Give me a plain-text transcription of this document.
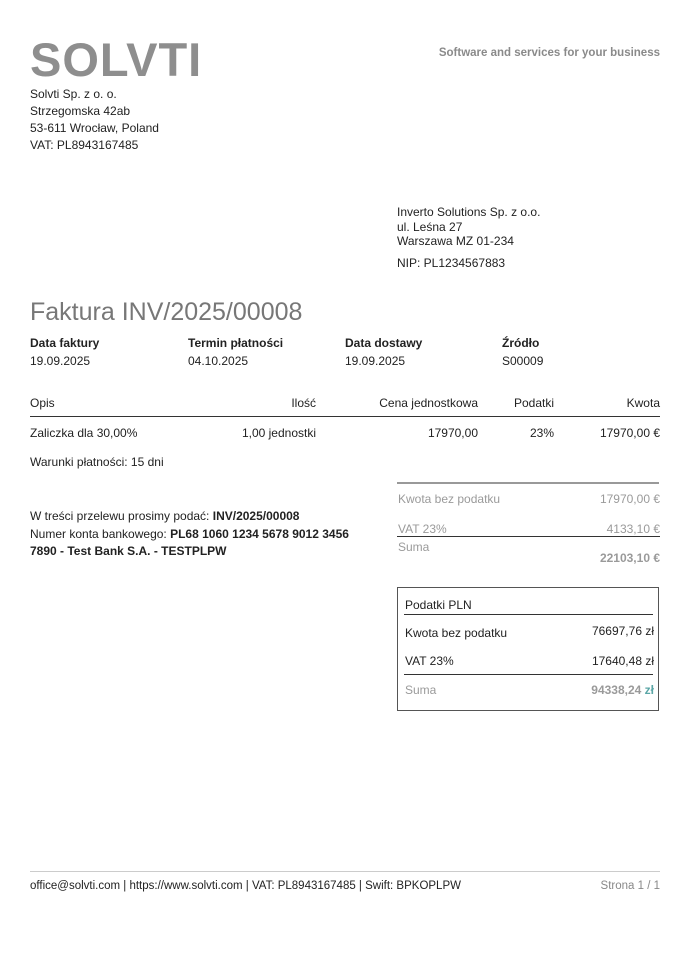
SOLVTI	Software and services for your business
Solvti Sp. z o. o.
Strzegomska 42ab
53-611 Wrocław, Poland
VAT: PL8943167485
Inverto Solutions Sp. z o.o.
ul. Leśna 27
Warszawa MZ 01-234
NIP: PL1234567883
Faktura INV/2025/00008
Data faktury
19.09.2025
Termin płatności
04.10.2025
Data dostawy
19.09.2025
Źródło
S00009
Opis	Ilość	Cena jednostkowa	Podatki	Kwota
Zaliczka dla 30,00%	1,00 jednostki	17970,00	23%	17970,00 €
Warunki płatności: 15 dni
W treści przelewu prosimy podać: INV/2025/00008
Numer konta bankowego: PL68 1060 1234 5678 9012 3456
7890 - Test Bank S.A. - TESTPLPW
Kwota bez podatku	17970,00 €
VAT 23%	4133,10 €
Suma
22103,10 €
Podatki PLN
Kwota bez podatku	76697,76 zł
VAT 23%	17640,48 zł
Suma	94338,24 zł
office@solvti.com | https://www.solvti.com | VAT: PL8943167485 | Swift: BPKOPLPW	Strona 1 / 1
